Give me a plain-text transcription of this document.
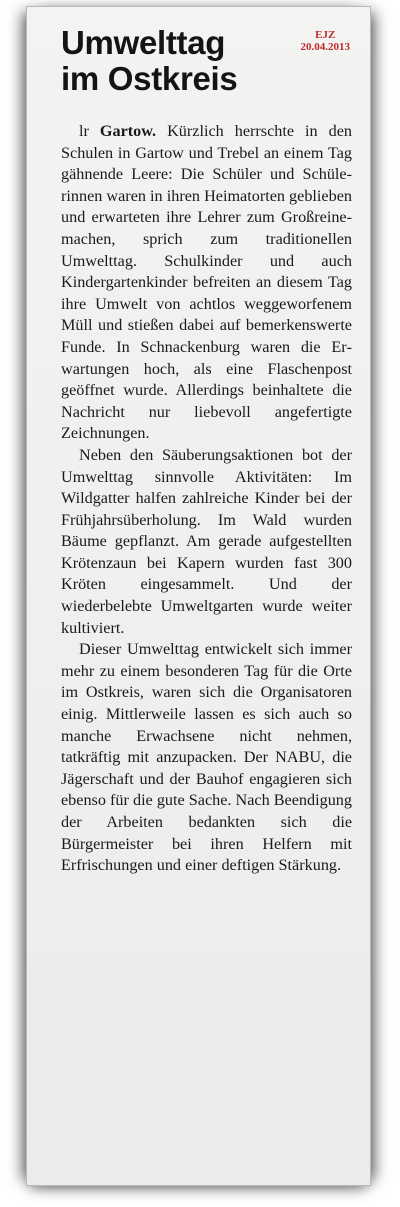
Umwelttag
im Ostkreis
EJZ
20.04.2013

lr Gartow. Kürzlich herrschte in den Schulen in Gartow und Trebel an einem Tag gähnende Leere: Die Schüler und Schülerinnen waren in ihren Heimatorten geblieben und erwarteten ihre Lehrer zum Großreinemachen, sprich zum traditionellen Umwelttag. Schulkinder und auch Kindergartenkinder befreiten an diesem Tag ihre Umwelt von achtlos weggeworfenem Müll und stießen dabei auf bemerkenswerte Funde. In Schnackenburg waren die Erwartungen hoch, als eine Flaschenpost geöffnet wurde. Allerdings beinhaltete die Nachricht nur liebevoll angefertigte Zeichnungen.

Neben den Säuberungsaktionen bot der Umwelttag sinnvolle Aktivitäten: Im Wildgatter halfen zahlreiche Kinder bei der Frühjahrsüberholung. Im Wald wurden Bäume gepflanzt. Am gerade aufgestellten Krötenzaun bei Kapern wurden fast 300 Kröten eingesammelt. Und der wiederbelebte Umweltgarten wurde weiter kultiviert.

Dieser Umwelttag entwickelt sich immer mehr zu einem besonderen Tag für die Orte im Ostkreis, waren sich die Organisatoren einig. Mittlerweile lassen es sich auch so manche Erwachsene nicht nehmen, tatkräftig mit anzupacken. Der NABU, die Jägerschaft und der Bauhof engagieren sich ebenso für die gute Sache. Nach Beendigung der Arbeiten bedankten sich die Bürgermeister bei ihren Helfern mit Erfrischungen und einer deftigen Stärkung.
